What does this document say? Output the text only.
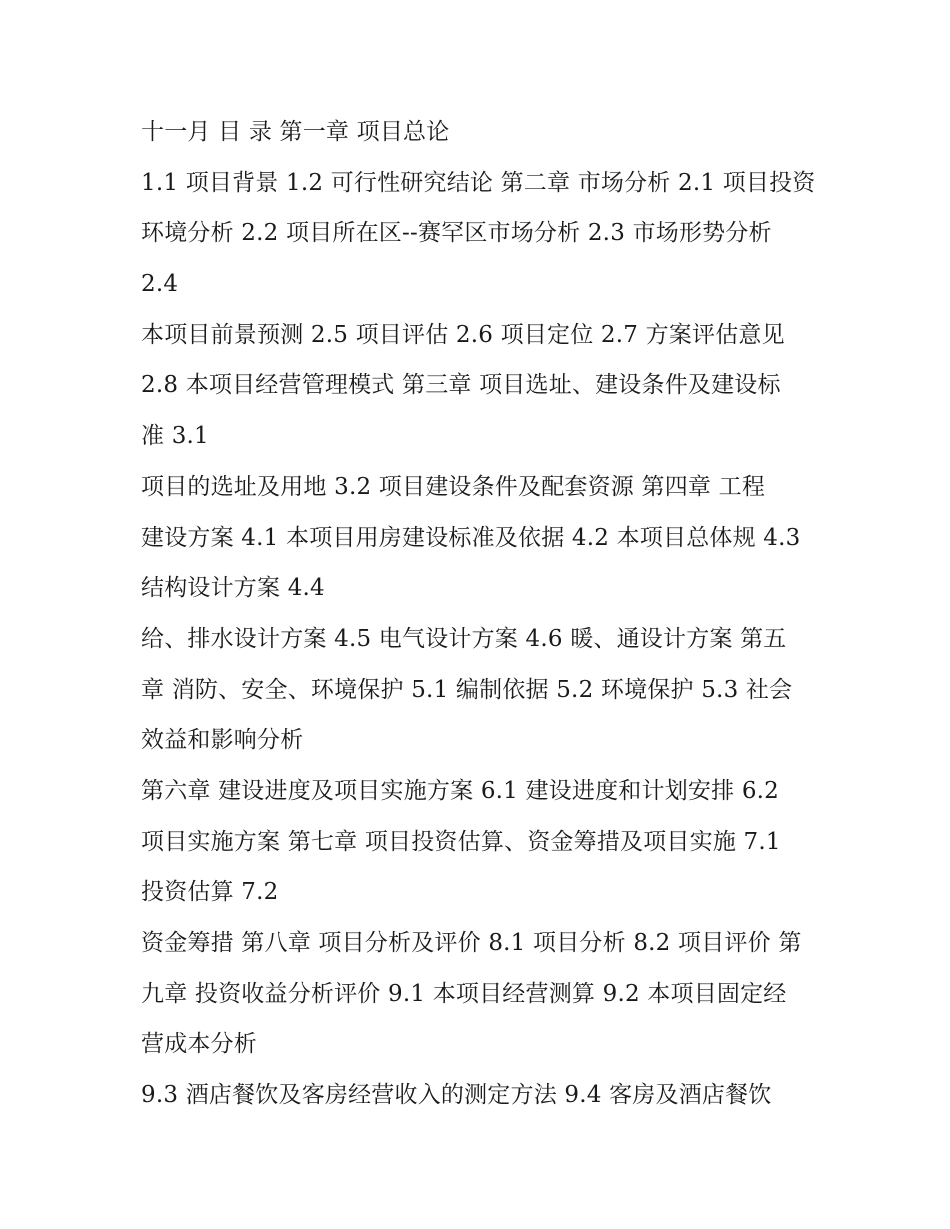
十一月 目 录 第一章 项目总论
1.1 项目背景 1.2 可行性研究结论 第二章 市场分析 2.1 项目投资
环境分析 2.2 项目所在区--赛罕区市场分析 2.3 市场形势分析
2.4
本项目前景预测 2.5 项目评估 2.6 项目定位 2.7 方案评估意见
2.8 本项目经营管理模式 第三章 项目选址、建设条件及建设标
准 3.1
项目的选址及用地 3.2 项目建设条件及配套资源 第四章 工程
建设方案 4.1 本项目用房建设标准及依据 4.2 本项目总体规 4.3
结构设计方案 4.4
给、排水设计方案 4.5 电气设计方案 4.6 暖、通设计方案 第五
章 消防、安全、环境保护 5.1 编制依据 5.2 环境保护 5.3 社会
效益和影响分析
第六章 建设进度及项目实施方案 6.1 建设进度和计划安排 6.2
项目实施方案 第七章 项目投资估算、资金筹措及项目实施 7.1
投资估算 7.2
资金筹措 第八章 项目分析及评价 8.1 项目分析 8.2 项目评价 第
九章 投资收益分析评价 9.1 本项目经营测算 9.2 本项目固定经
营成本分析
9.3 酒店餐饮及客房经营收入的测定方法 9.4 客房及酒店餐饮
